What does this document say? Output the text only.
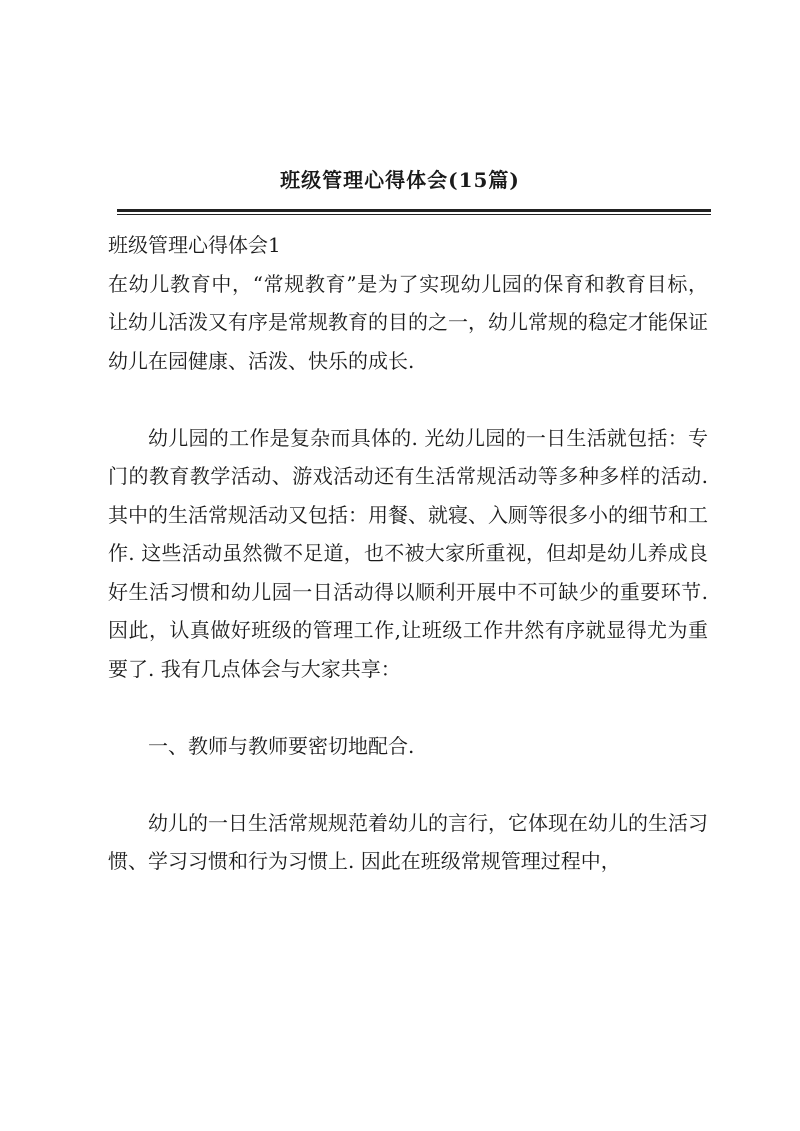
班级管理心得体会(15篇)

班级管理心得体会1

在幼儿教育中，“常规教育”是为了实现幼儿园的保育和教育目标，让幼儿活泼又有序是常规教育的目的之一，幼儿常规的稳定才能保证幼儿在园健康、活泼、快乐的成长.

幼儿园的工作是复杂而具体的. 光幼儿园的一日生活就包括：专门的教育教学活动、游戏活动还有生活常规活动等多种多样的活动. 其中的生活常规活动又包括：用餐、就寝、入厕等很多小的细节和工作. 这些活动虽然微不足道，也不被大家所重视，但却是幼儿养成良好生活习惯和幼儿园一日活动得以顺利开展中不可缺少的重要环节. 因此，认真做好班级的管理工作,让班级工作井然有序就显得尤为重要了. 我有几点体会与大家共享：

一、教师与教师要密切地配合.

幼儿的一日生活常规规范着幼儿的言行，它体现在幼儿的生活习惯、学习习惯和行为习惯上. 因此在班级常规管理过程中，
